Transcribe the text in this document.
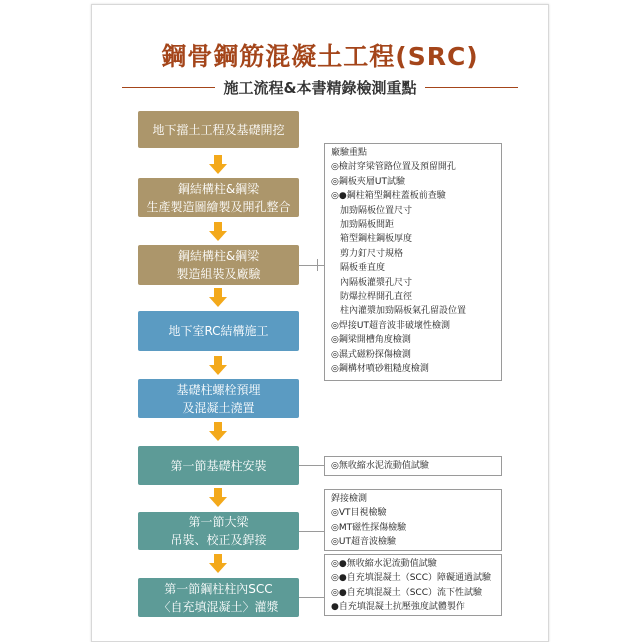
鋼骨鋼筋混凝土工程(SRC)
施工流程&本書精錄檢測重點
地下擋土工程及基礎開挖
鋼結構柱&鋼梁
生產製造圖繪製及開孔整合
鋼結構柱&鋼梁
製造組裝及廠驗
地下室RC結構施工
基礎柱螺栓預埋
及混凝土澆置
第一節基礎柱安裝
第一節大梁
吊裝、校正及銲接
第一節鋼柱柱內SCC
〈自充填混凝土〉灌漿
廠驗重點
◎檢討穿梁管路位置及預留開孔
◎鋼板夾層UT試驗
◎●鋼柱箱型鋼柱蓋板前查驗
　加勁隔板位置尺寸
　加勁隔板間距
　箱型鋼柱鋼板厚度
　剪力釘尺寸規格
　隔板垂直度
　內隔板灌漿孔尺寸
　防爆拉桿開孔直徑
　柱內灌漿加勁隔板氣孔留設位置
◎焊接UT超音波非破壞性檢測
◎鋼梁開槽角度檢測
◎濕式磁粉探傷檢測
◎鋼構材噴砂粗糙度檢測
◎無收縮水泥流動值試驗
銲接檢測
◎VT目視檢驗
◎MT磁性探傷檢驗
◎UT超音波檢驗
◎●無收縮水泥流動值試驗
◎●自充填混凝土（SCC）障礙通過試驗
◎●自充填混凝土（SCC）流下性試驗
●自充填混凝土抗壓強度試體製作
